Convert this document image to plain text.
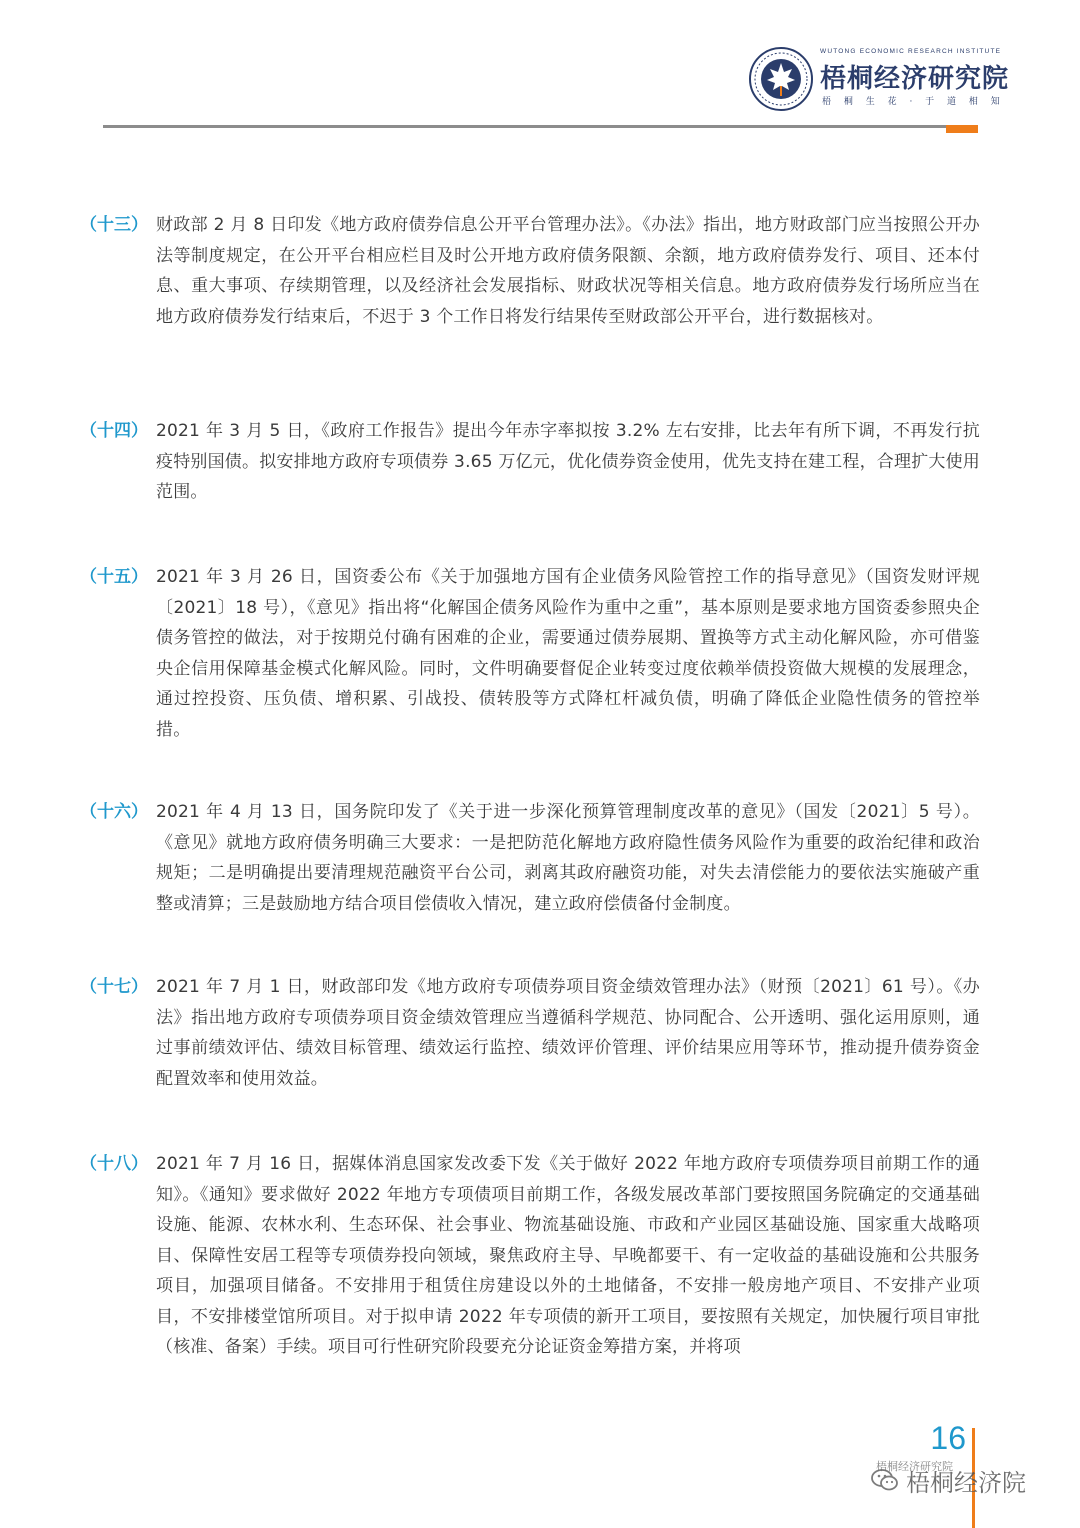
WUTONG ECONOMIC RESEARCH INSTITUTE
梧桐经济研究院
梧 桐 生 花 · 于 道 相 知
（十三） 财政部 2 月 8 日印发《地方政府债券信息公开平台管理办法》。《办法》指出，地方财政部门应当按照公开办法等制度规定，在公开平台相应栏目及时公开地方政府债务限额、余额，地方政府债券发行、项目、还本付息、重大事项、存续期管理，以及经济社会发展指标、财政状况等相关信息。地方政府债券发行场所应当在地方政府债券发行结束后，不迟于 3 个工作日将发行结果传至财政部公开平台，进行数据核对。
（十四） 2021 年 3 月 5 日，《政府工作报告》提出今年赤字率拟按 3.2% 左右安排，比去年有所下调，不再发行抗疫特别国债。拟安排地方政府专项债券 3.65 万亿元，优化债券资金使用，优先支持在建工程，合理扩大使用范围。
（十五） 2021 年 3 月 26 日，国资委公布《关于加强地方国有企业债务风险管控工作的指导意见》（国资发财评规〔2021〕18 号），《意见》指出将“化解国企债务风险作为重中之重”，基本原则是要求地方国资委参照央企债务管控的做法，对于按期兑付确有困难的企业，需要通过债券展期、置换等方式主动化解风险，亦可借鉴央企信用保障基金模式化解风险。同时，文件明确要督促企业转变过度依赖举债投资做大规模的发展理念，通过控投资、压负债、增积累、引战投、债转股等方式降杠杆减负债，明确了降低企业隐性债务的管控举措。
（十六） 2021 年 4 月 13 日，国务院印发了《关于进一步深化预算管理制度改革的意见》（国发〔2021〕5 号）。《意见》就地方政府债务明确三大要求：一是把防范化解地方政府隐性债务风险作为重要的政治纪律和政治规矩；二是明确提出要清理规范融资平台公司，剥离其政府融资功能，对失去清偿能力的要依法实施破产重整或清算；三是鼓励地方结合项目偿债收入情况，建立政府偿债备付金制度。
（十七） 2021 年 7 月 1 日，财政部印发《地方政府专项债券项目资金绩效管理办法》（财预〔2021〕61 号）。《办法》指出地方政府专项债券项目资金绩效管理应当遵循科学规范、协同配合、公开透明、强化运用原则，通过事前绩效评估、绩效目标管理、绩效运行监控、绩效评价管理、评价结果应用等环节，推动提升债券资金配置效率和使用效益。
（十八） 2021 年 7 月 16 日，据媒体消息国家发改委下发《关于做好 2022 年地方政府专项债券项目前期工作的通知》。《通知》要求做好 2022 年地方专项债项目前期工作，各级发展改革部门要按照国务院确定的交通基础设施、能源、农林水利、生态环保、社会事业、物流基础设施、市政和产业园区基础设施、国家重大战略项目、保障性安居工程等专项债券投向领域，聚焦政府主导、早晚都要干、有一定收益的基础设施和公共服务项目，加强项目储备。不安排用于租赁住房建设以外的土地储备，不安排一般房地产项目、不安排产业项目，不安排楼堂馆所项目。对于拟申请 2022 年专项债的新开工项目，要按照有关规定，加快履行项目审批（核准、备案）手续。项目可行性研究阶段要充分论证资金筹措方案，并将项
16
梧桐经济研究院
梧桐经济院
